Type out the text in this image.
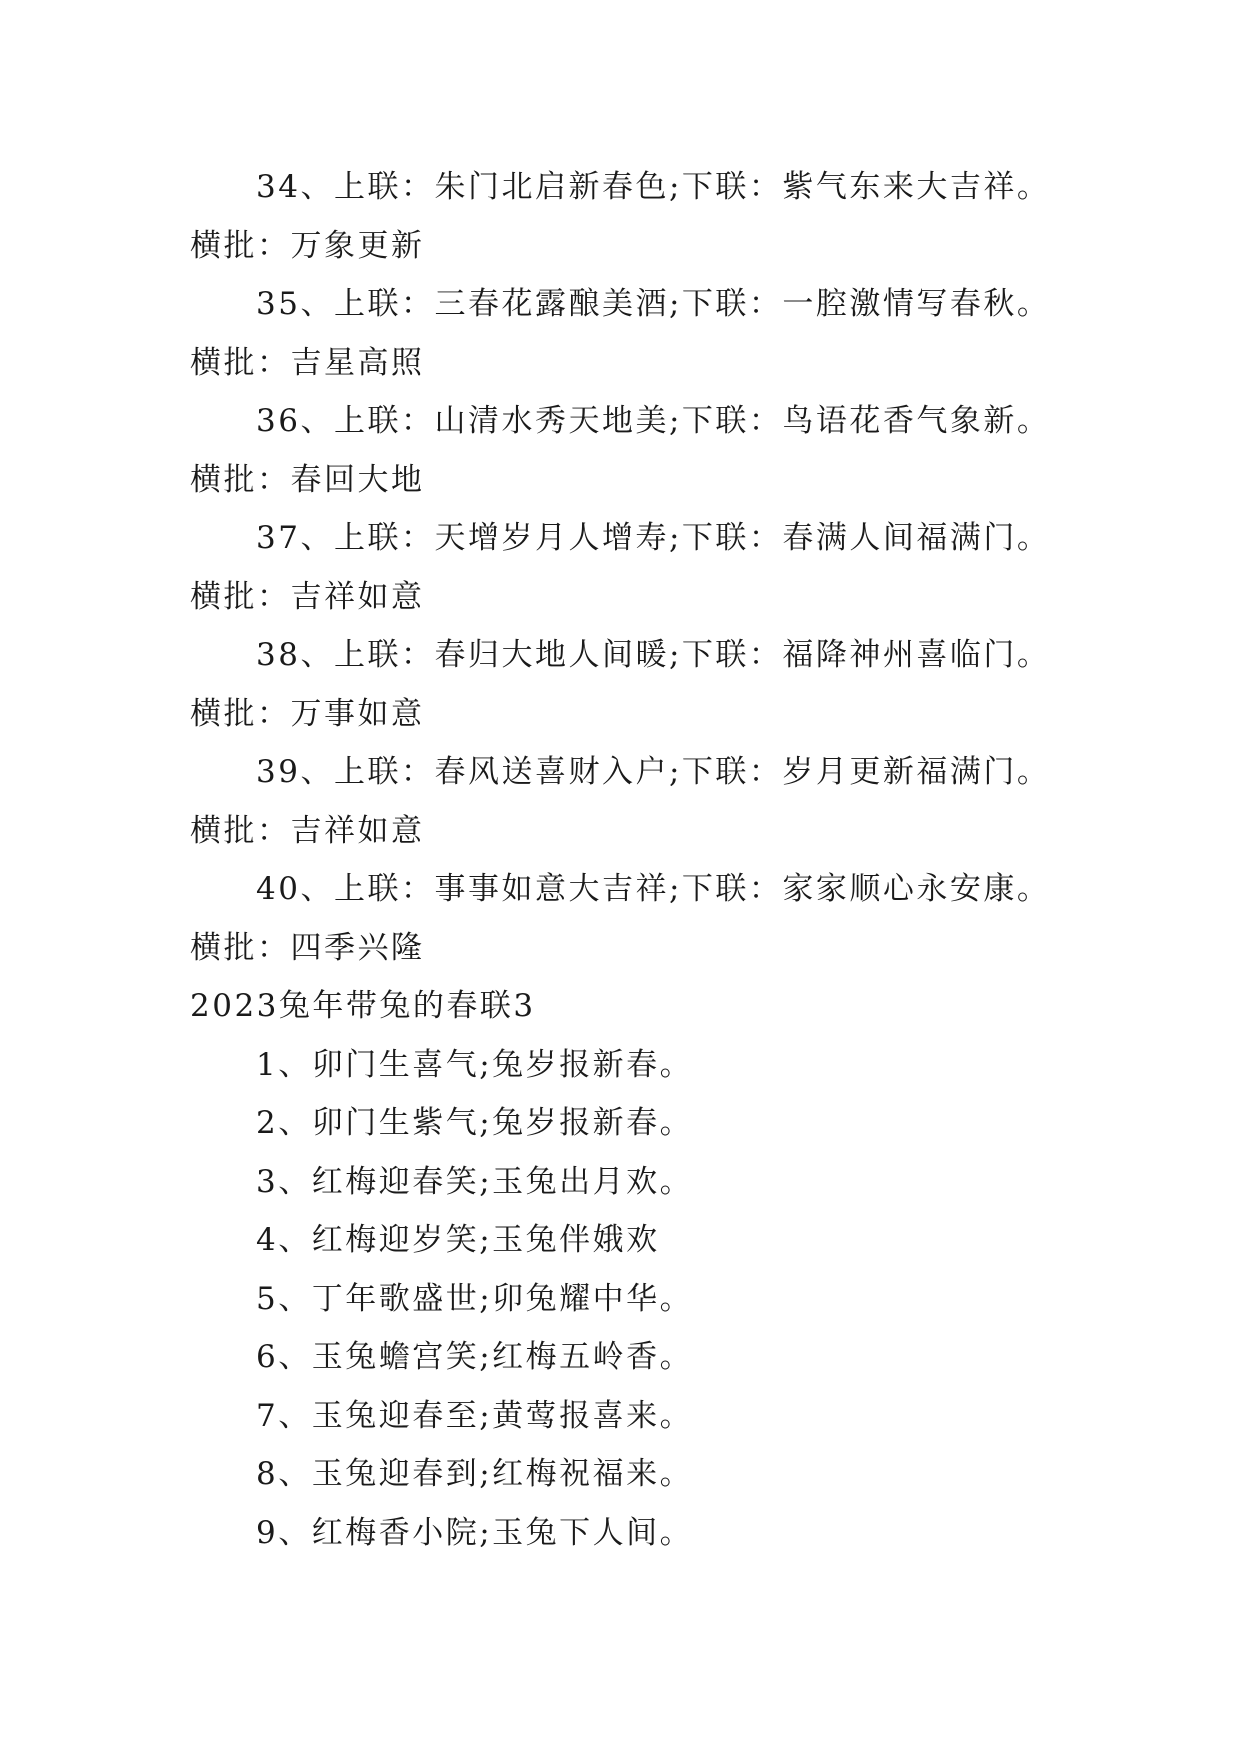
34、上联：朱门北启新春色;下联：紫气东来大吉祥。
横批：万象更新
35、上联：三春花露酿美酒;下联：一腔激情写春秋。
横批：吉星高照
36、上联：山清水秀天地美;下联：鸟语花香气象新。
横批：春回大地
37、上联：天增岁月人增寿;下联：春满人间福满门。
横批：吉祥如意
38、上联：春归大地人间暖;下联：福降神州喜临门。
横批：万事如意
39、上联：春风送喜财入户;下联：岁月更新福满门。
横批：吉祥如意
40、上联：事事如意大吉祥;下联：家家顺心永安康。
横批：四季兴隆
2023兔年带兔的春联3
1、卯门生喜气;兔岁报新春。
2、卯门生紫气;兔岁报新春。
3、红梅迎春笑;玉兔出月欢。
4、红梅迎岁笑;玉兔伴娥欢
5、丁年歌盛世;卯兔耀中华。
6、玉兔蟾宫笑;红梅五岭香。
7、玉兔迎春至;黄莺报喜来。
8、玉兔迎春到;红梅祝福来。
9、红梅香小院;玉兔下人间。
